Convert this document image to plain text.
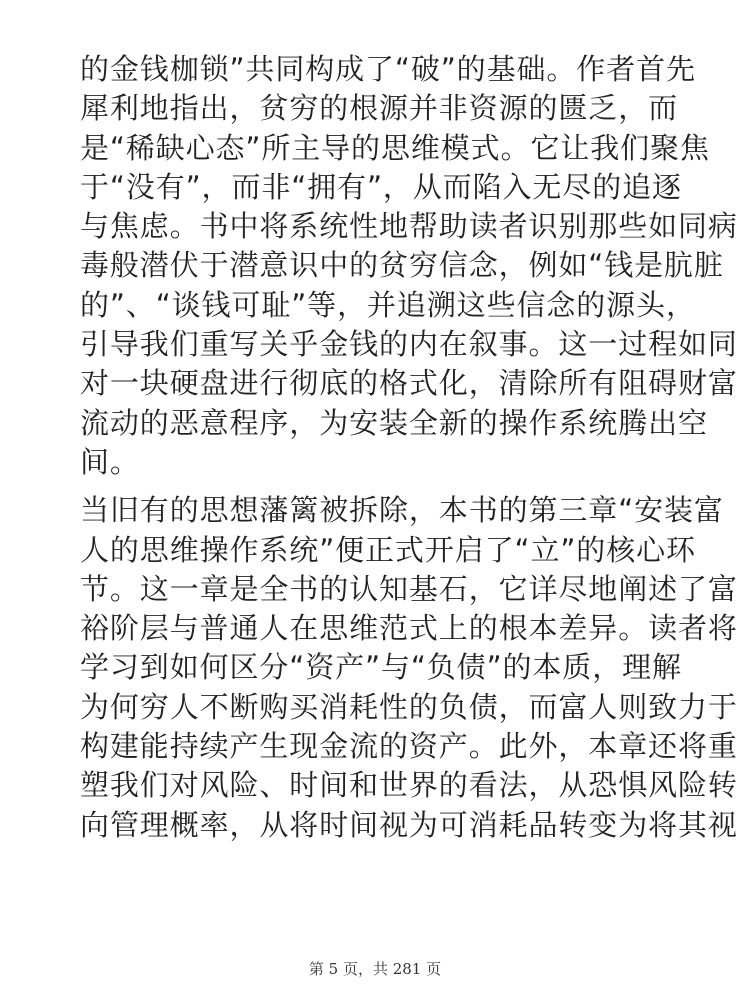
的金钱枷锁”共同构成了“破”的基础。作者首先
犀利地指出，贫穷的根源并非资源的匮乏，而
是“稀缺心态”所主导的思维模式。它让我们聚焦
于“没有”，而非“拥有”，从而陷入无尽的追逐
与焦虑。书中将系统性地帮助读者识别那些如同病
毒般潜伏于潜意识中的贫穷信念，例如“钱是肮脏
的”、“谈钱可耻”等，并追溯这些信念的源头，
引导我们重写关乎金钱的内在叙事。这一过程如同
对一块硬盘进行彻底的格式化，清除所有阻碍财富
流动的恶意程序，为安装全新的操作系统腾出空
间。

当旧有的思想藩篱被拆除，本书的第三章“安装富
人的思维操作系统”便正式开启了“立”的核心环
节。这一章是全书的认知基石，它详尽地阐述了富
裕阶层与普通人在思维范式上的根本差异。读者将
学习到如何区分“资产”与“负债”的本质，理解
为何穷人不断购买消耗性的负债，而富人则致力于
构建能持续产生现金流的资产。此外，本章还将重
塑我们对风险、时间和世界的看法，从恐惧风险转
向管理概率，从将时间视为可消耗品转变为将其视

第 5 页，共 281 页
